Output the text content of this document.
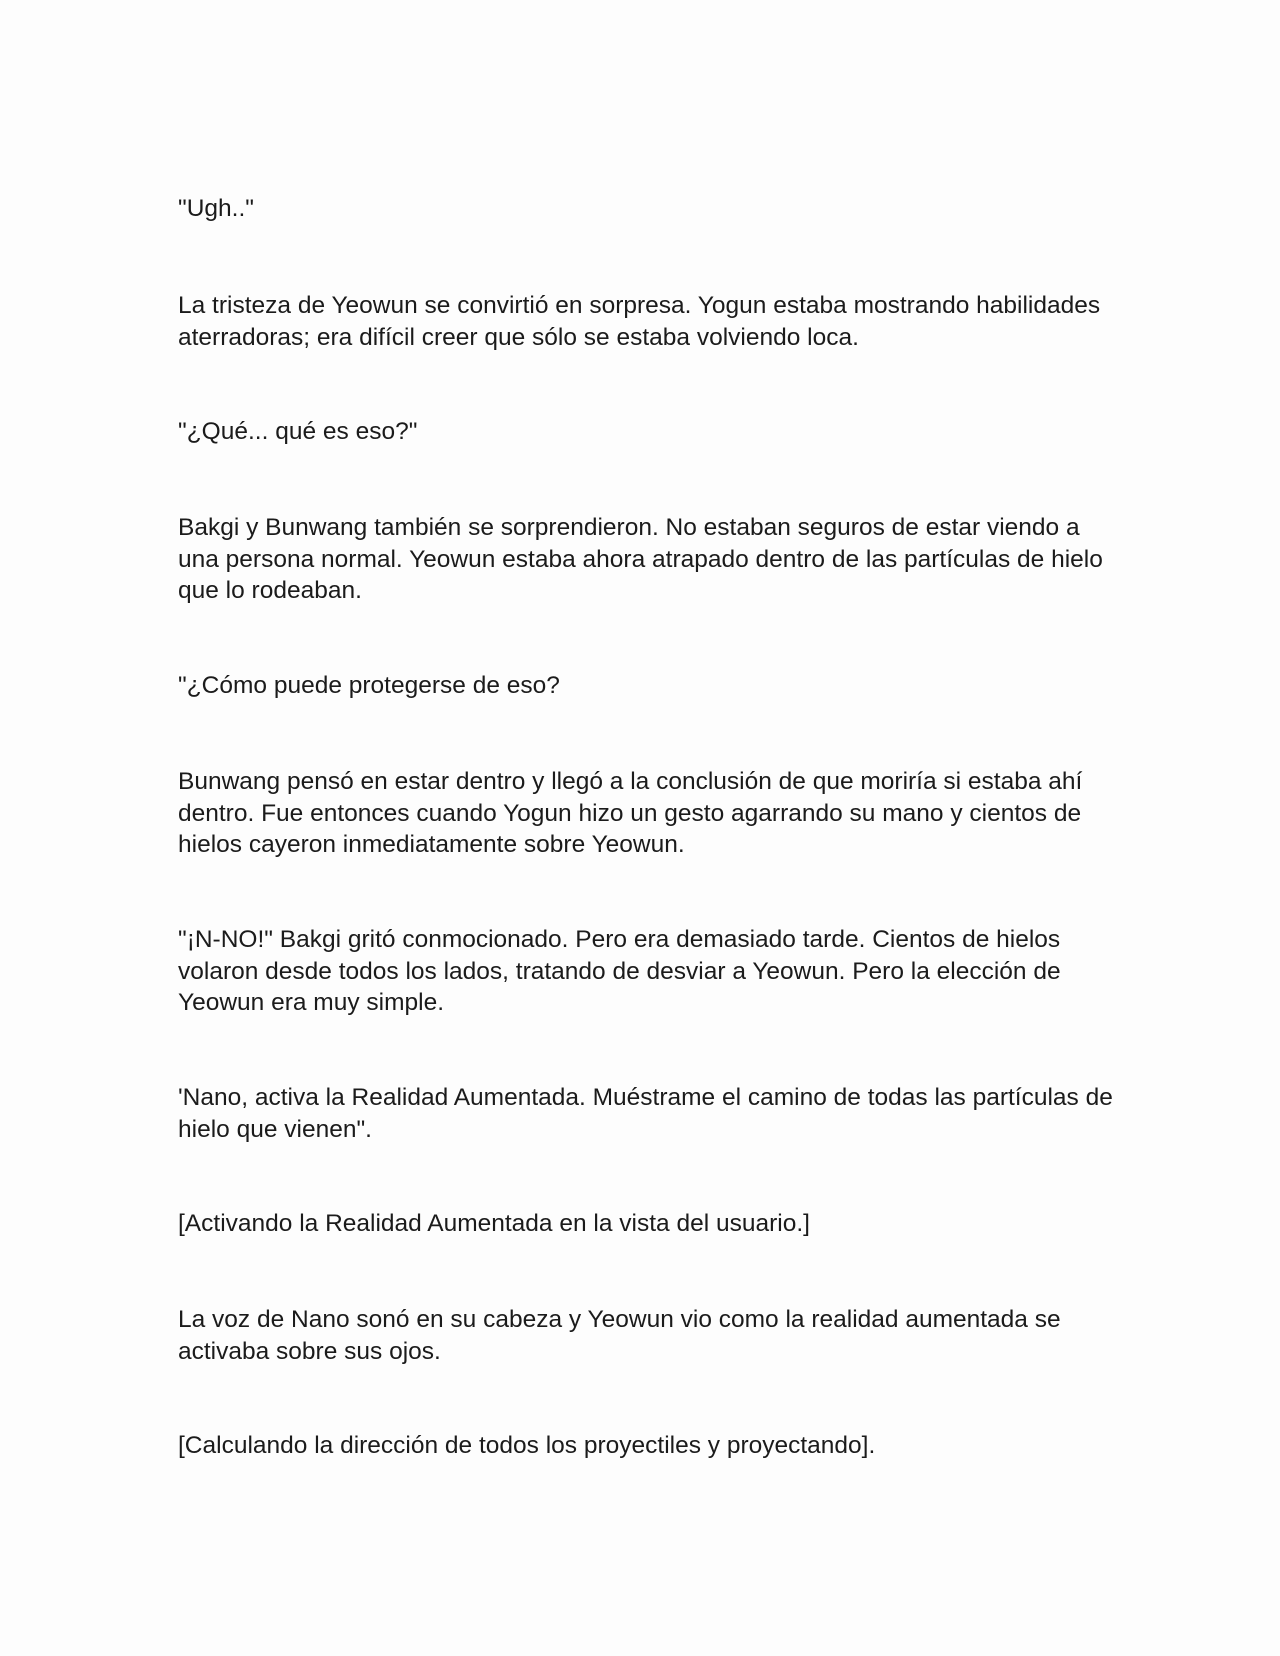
"Ugh.."

La tristeza de Yeowun se convirtió en sorpresa. Yogun estaba mostrando habilidades aterradoras; era difícil creer que sólo se estaba volviendo loca.

"¿Qué... qué es eso?"

Bakgi y Bunwang también se sorprendieron. No estaban seguros de estar viendo a una persona normal. Yeowun estaba ahora atrapado dentro de las partículas de hielo que lo rodeaban.

"¿Cómo puede protegerse de eso?

Bunwang pensó en estar dentro y llegó a la conclusión de que moriría si estaba ahí dentro. Fue entonces cuando Yogun hizo un gesto agarrando su mano y cientos de hielos cayeron inmediatamente sobre Yeowun.

"¡N-NO!" Bakgi gritó conmocionado. Pero era demasiado tarde. Cientos de hielos volaron desde todos los lados, tratando de desviar a Yeowun. Pero la elección de Yeowun era muy simple.

'Nano, activa la Realidad Aumentada. Muéstrame el camino de todas las partículas de hielo que vienen".

[Activando la Realidad Aumentada en la vista del usuario.]

La voz de Nano sonó en su cabeza y Yeowun vio como la realidad aumentada se activaba sobre sus ojos.

[Calculando la dirección de todos los proyectiles y proyectando].
